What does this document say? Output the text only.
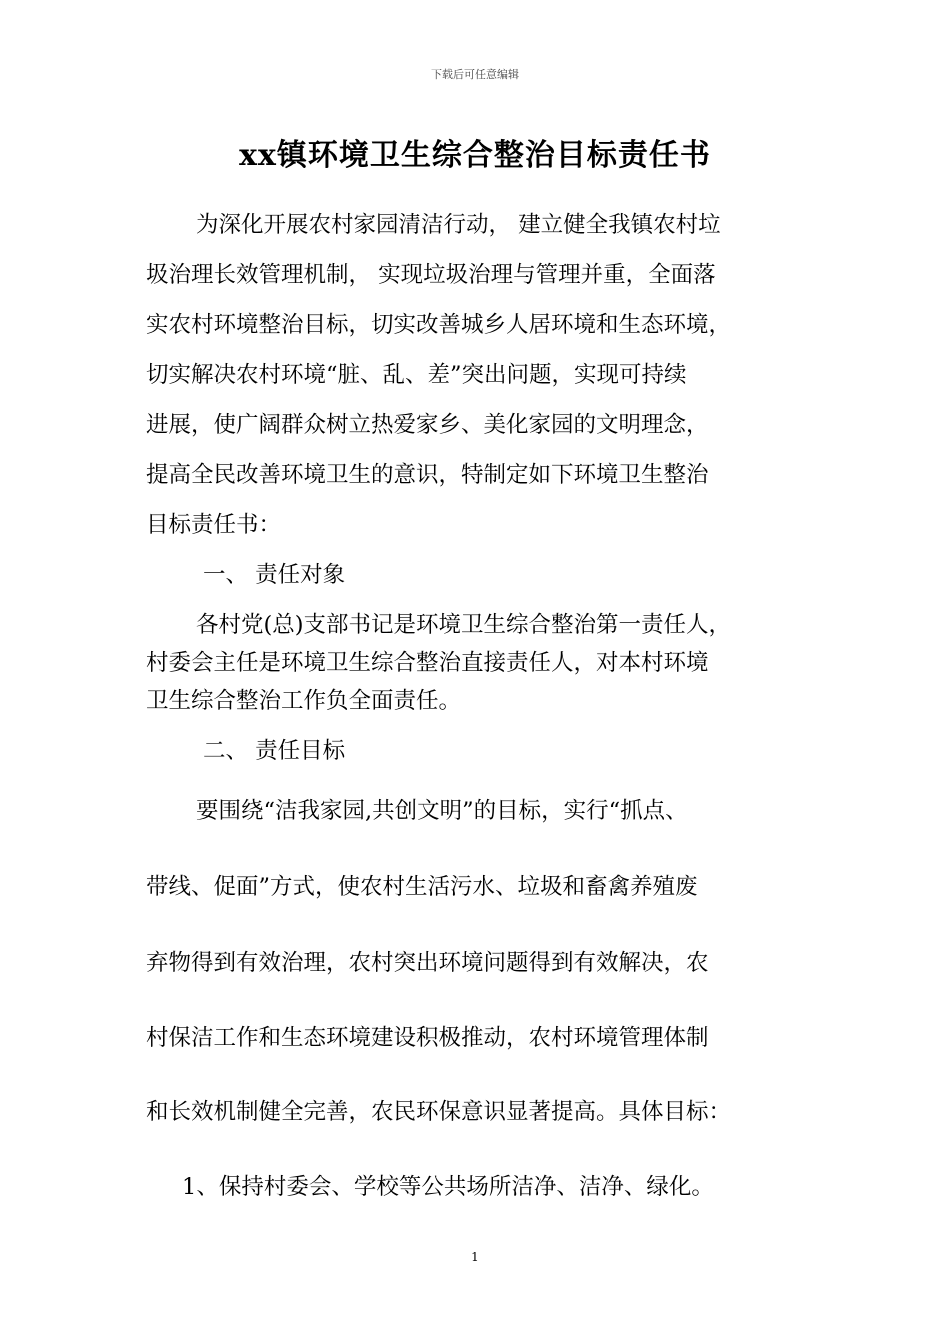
下载后可任意编辑
xx镇环境卫生综合整治目标责任书
为深化开展农村家园清洁行动， 建立健全我镇农村垃
圾治理长效管理机制， 实现垃圾治理与管理并重，全面落
实农村环境整治目标，切实改善城乡人居环境和生态环境，
切实解决农村环境“脏、乱、差”突出问题，实现可持续
进展，使广阔群众树立热爱家乡、美化家园的文明理念，
提高全民改善环境卫生的意识，特制定如下环境卫生整治
目标责任书：
一、 责任对象
各村党(总)支部书记是环境卫生综合整治第一责任人，
村委会主任是环境卫生综合整治直接责任人，对本村环境
卫生综合整治工作负全面责任。
二、 责任目标
要围绕“洁我家园,共创文明”的目标，实行“抓点、
带线、促面”方式，使农村生活污水、垃圾和畜禽养殖废
弃物得到有效治理，农村突出环境问题得到有效解决，农
村保洁工作和生态环境建设积极推动，农村环境管理体制
和长效机制健全完善，农民环保意识显著提高。具体目标：
1、保持村委会、学校等公共场所洁净、洁净、绿化。
1
